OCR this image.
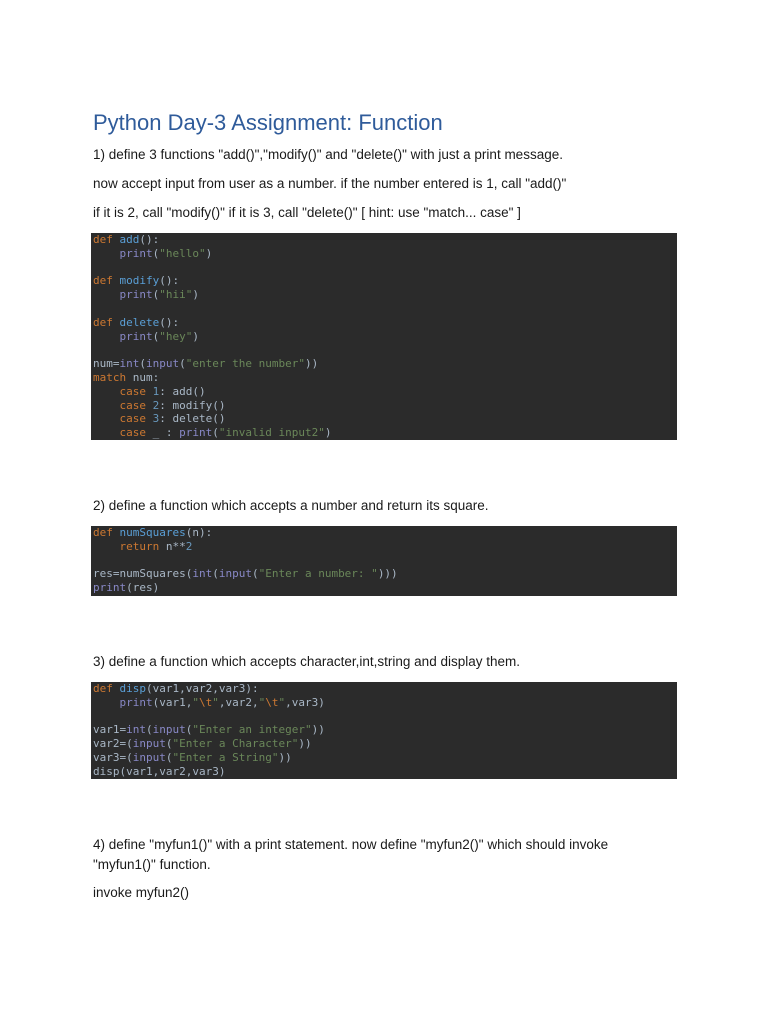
Python Day-3 Assignment: Function
1) define 3 functions "add()","modify()" and "delete()" with just a print message.
now accept input from user as a number. if the number entered is 1, call "add()"
if it is 2, call "modify()" if it is 3, call "delete()" [ hint: use "match... case" ]
def add():
print("hello")

def modify():
print("hii")

def delete():
print("hey")

num=int(input("enter the number"))
match num:
case 1: add()
case 2: modify()
case 3: delete()
case _ : print("invalid input2")
2) define a function which accepts a number and return its square.
def numSquares(n):
return n**2

res=numSquares(int(input("Enter a number: ")))
print(res)
3) define a function which accepts character,int,string and display them.
def disp(var1,var2,var3):
print(var1,"\t",var2,"\t",var3)

var1=int(input("Enter an integer"))
var2=(input("Enter a Character"))
var3=(input("Enter a String"))
disp(var1,var2,var3)
4) define "myfun1()" with a print statement. now define "myfun2()" which should invoke "myfun1()" function.
invoke myfun2()
